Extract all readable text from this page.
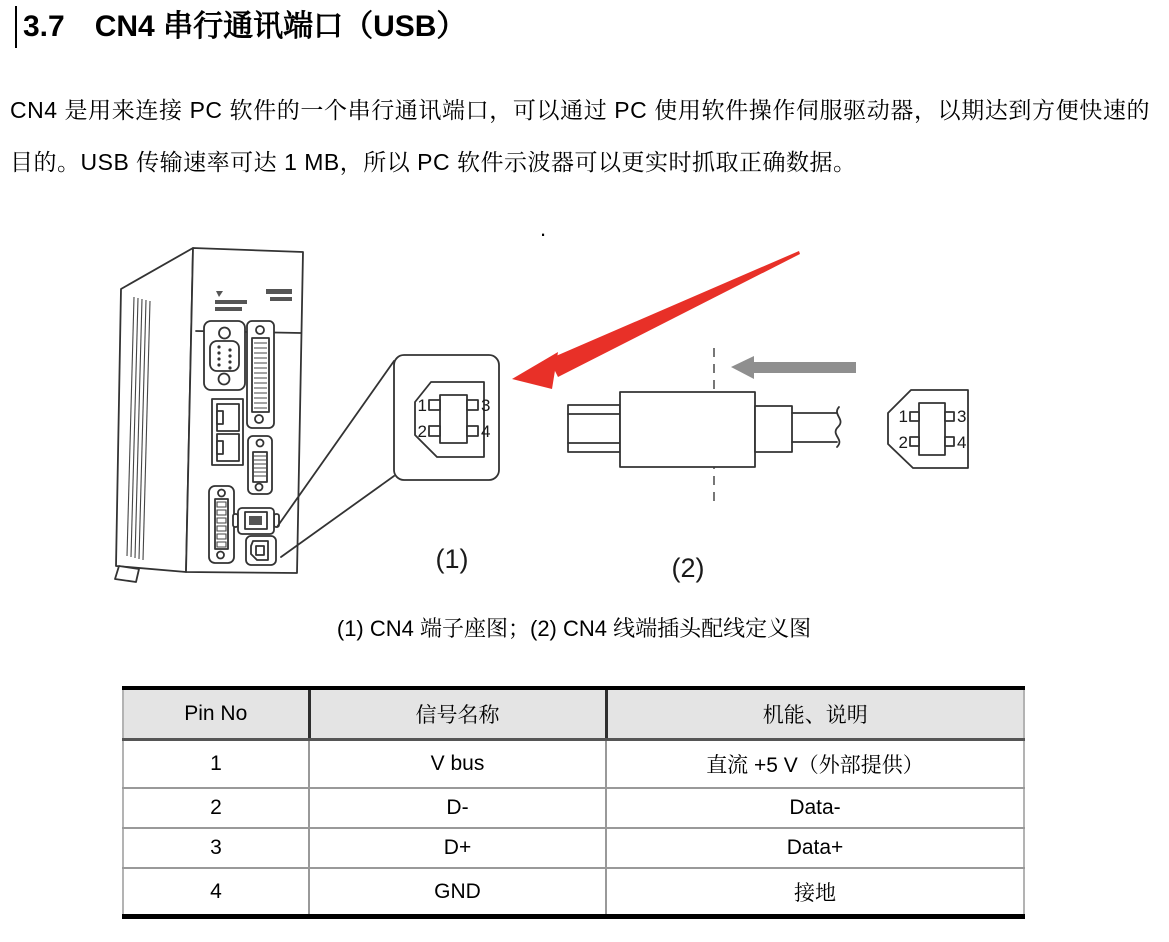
3.7 CN4 串行通讯端口（USB）
CN4 是用来连接 PC 软件的一个串行通讯端口，可以通过 PC 使用软件操作伺服驱动器，以期达到方便快速的目的。USB 传输速率可达 1 MB，所以 PC 软件示波器可以更实时抓取正确数据。
.
1
2
3
4
1
2
3
4
(1)	(2)
(1) CN4 端子座图；(2) CN4 线端插头配线定义图
Pin No	信号名称	机能、说明
1	V bus	直流 +5 V（外部提供）
2	D-	Data-
3	D+	Data+
4	GND	接地
